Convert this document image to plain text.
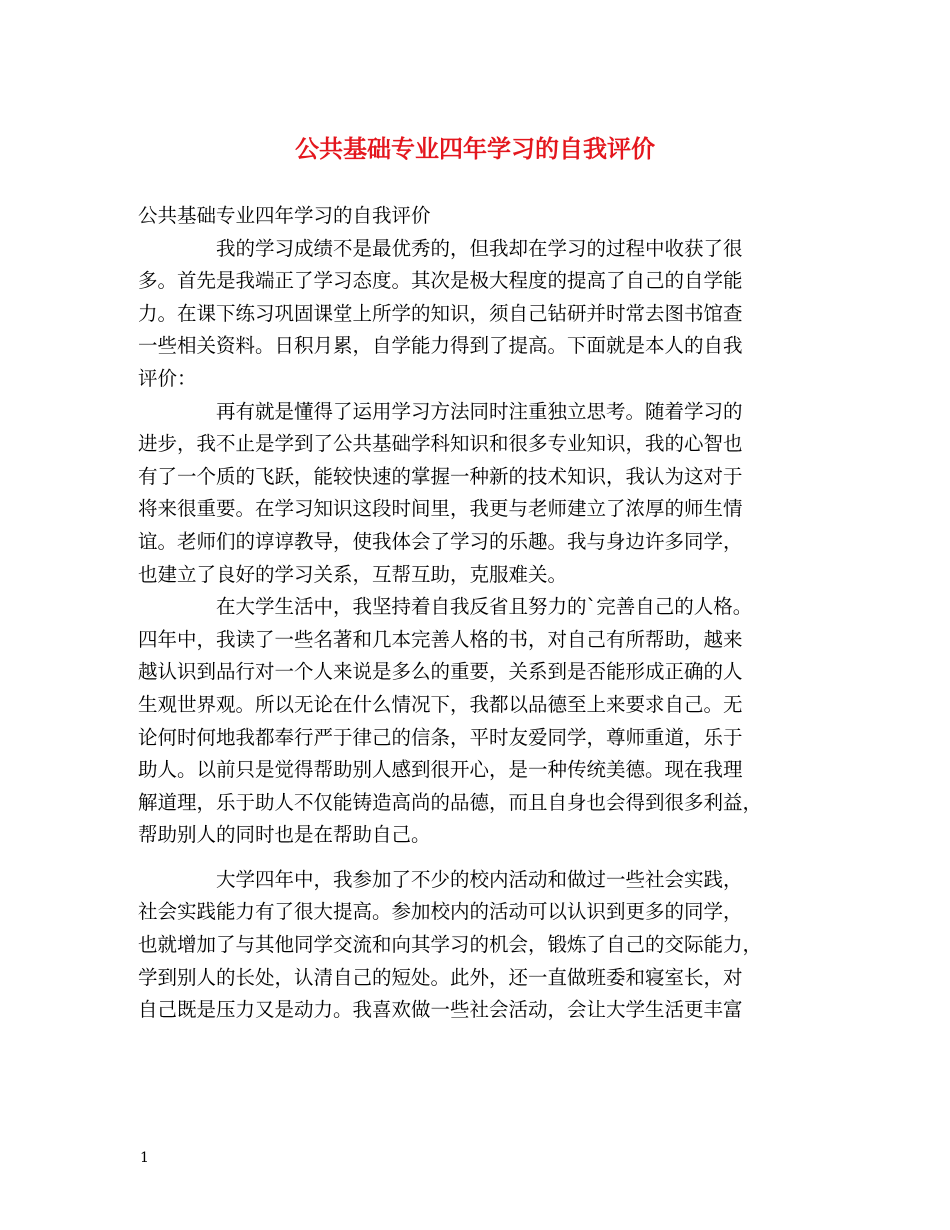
公共基础专业四年学习的自我评价
公共基础专业四年学习的自我评价
我的学习成绩不是最优秀的，但我却在学习的过程中收获了很
多。首先是我端正了学习态度。其次是极大程度的提高了自己的自学能
力。在课下练习巩固课堂上所学的知识，须自己钻研并时常去图书馆查
一些相关资料。日积月累，自学能力得到了提高。下面就是本人的自我
评价：
再有就是懂得了运用学习方法同时注重独立思考。随着学习的
进步，我不止是学到了公共基础学科知识和很多专业知识，我的心智也
有了一个质的飞跃，能较快速的掌握一种新的技术知识，我认为这对于
将来很重要。在学习知识这段时间里，我更与老师建立了浓厚的师生情
谊。老师们的谆谆教导，使我体会了学习的乐趣。我与身边许多同学，
也建立了良好的学习关系，互帮互助，克服难关。
在大学生活中，我坚持着自我反省且努力的`完善自己的人格。
四年中，我读了一些名著和几本完善人格的书，对自己有所帮助，越来
越认识到品行对一个人来说是多么的重要，关系到是否能形成正确的人
生观世界观。所以无论在什么情况下，我都以品德至上来要求自己。无
论何时何地我都奉行严于律己的信条，平时友爱同学，尊师重道，乐于
助人。以前只是觉得帮助别人感到很开心，是一种传统美德。现在我理
解道理，乐于助人不仅能铸造高尚的品德，而且自身也会得到很多利益，
帮助别人的同时也是在帮助自己。
大学四年中，我参加了不少的校内活动和做过一些社会实践，
社会实践能力有了很大提高。参加校内的活动可以认识到更多的同学，
也就增加了与其他同学交流和向其学习的机会，锻炼了自己的交际能力，
学到别人的长处，认清自己的短处。此外，还一直做班委和寝室长，对
自己既是压力又是动力。我喜欢做一些社会活动，会让大学生活更丰富

1
